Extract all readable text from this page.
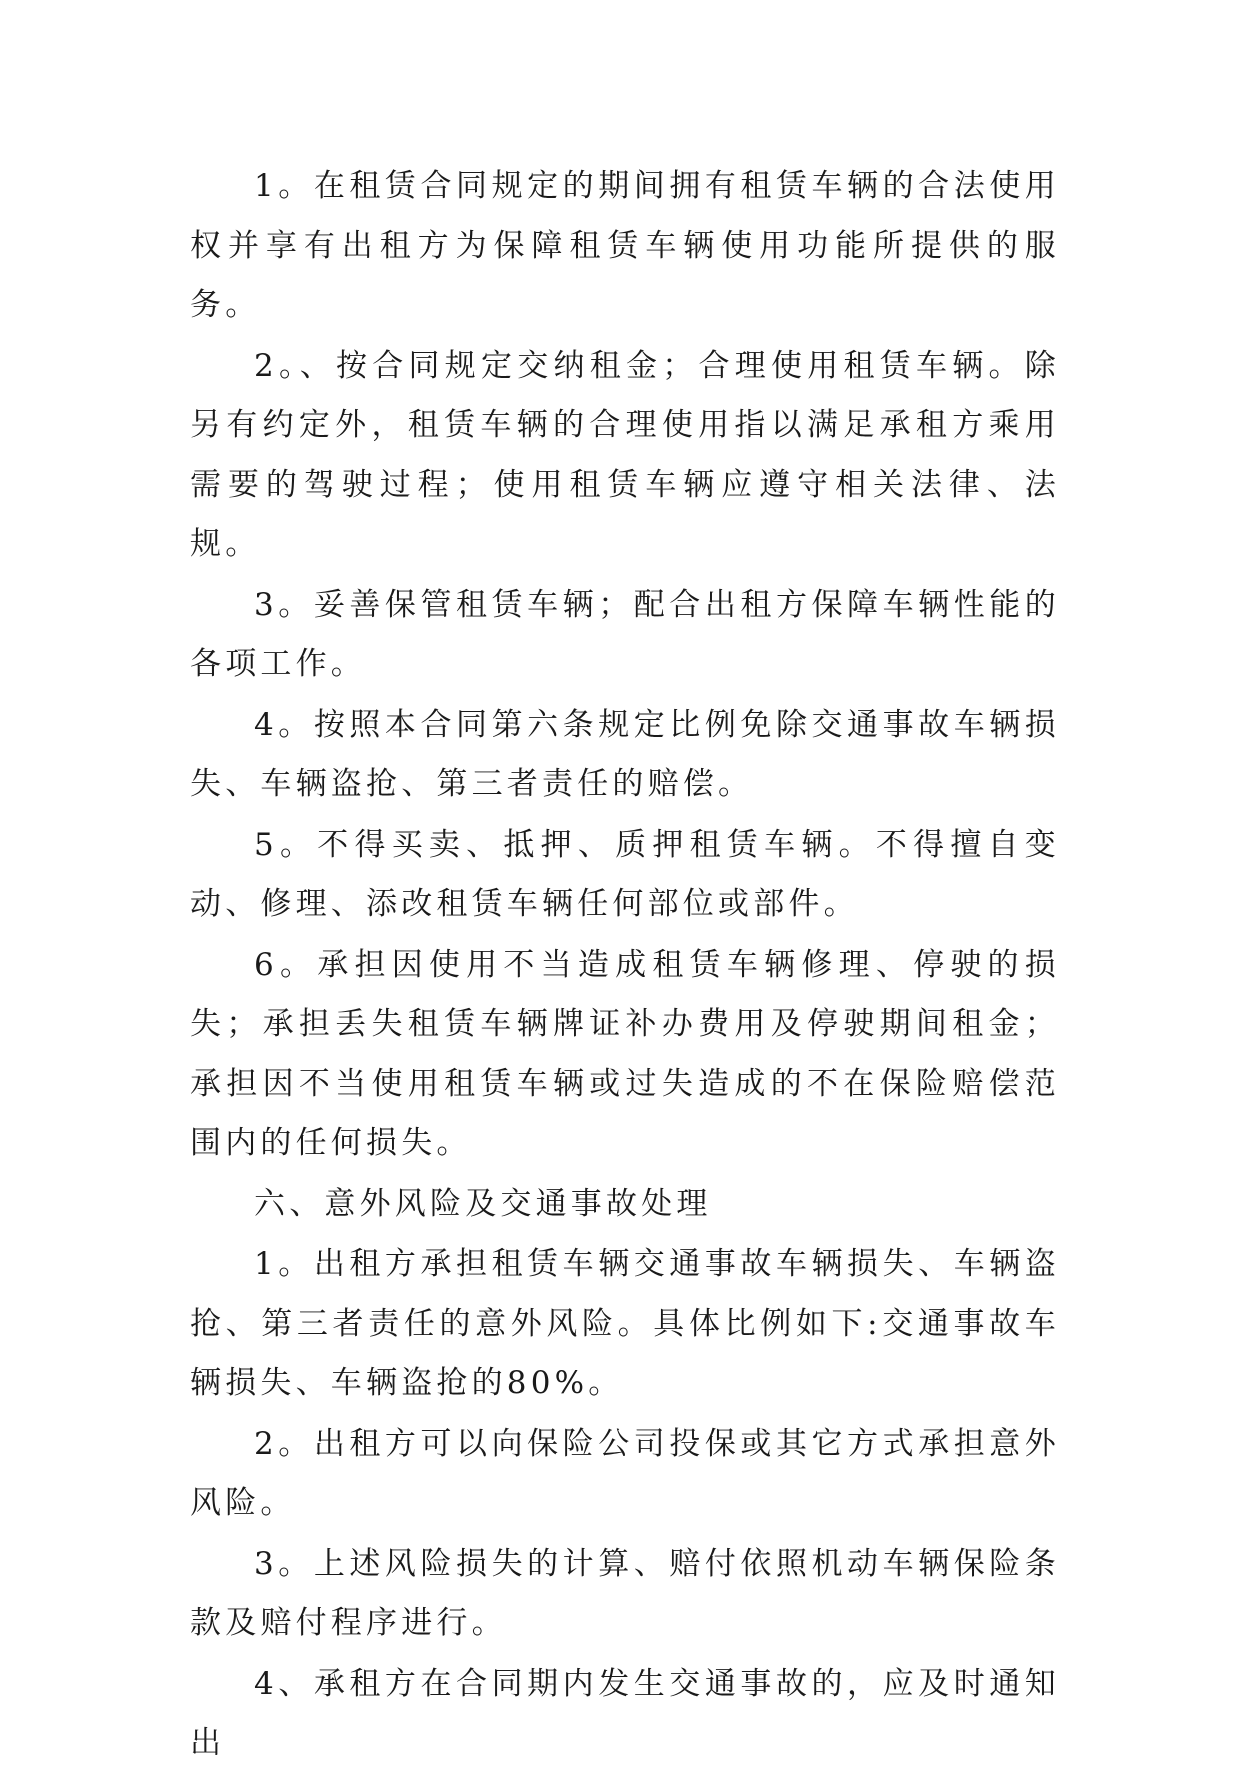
1。在租赁合同规定的期间拥有租赁车辆的合法使用权并享有出租方为保障租赁车辆使用功能所提供的服务。

2。、按合同规定交纳租金；合理使用租赁车辆。除另有约定外，租赁车辆的合理使用指以满足承租方乘用需要的驾驶过程；使用租赁车辆应遵守相关法律、法规。

3。妥善保管租赁车辆；配合出租方保障车辆性能的各项工作。

4。按照本合同第六条规定比例免除交通事故车辆损失、车辆盗抢、第三者责任的赔偿。

5。不得买卖、抵押、质押租赁车辆。不得擅自变动、修理、添改租赁车辆任何部位或部件。

6。承担因使用不当造成租赁车辆修理、停驶的损失；承担丢失租赁车辆牌证补办费用及停驶期间租金；承担因不当使用租赁车辆或过失造成的不在保险赔偿范围内的任何损失。

六、意外风险及交通事故处理

1。出租方承担租赁车辆交通事故车辆损失、车辆盗抢、第三者责任的意外风险。具体比例如下:交通事故车辆损失、车辆盗抢的80%。

2。出租方可以向保险公司投保或其它方式承担意外风险。

3。上述风险损失的计算、赔付依照机动车辆保险条款及赔付程序进行。

4、承租方在合同期内发生交通事故的，应及时通知出
